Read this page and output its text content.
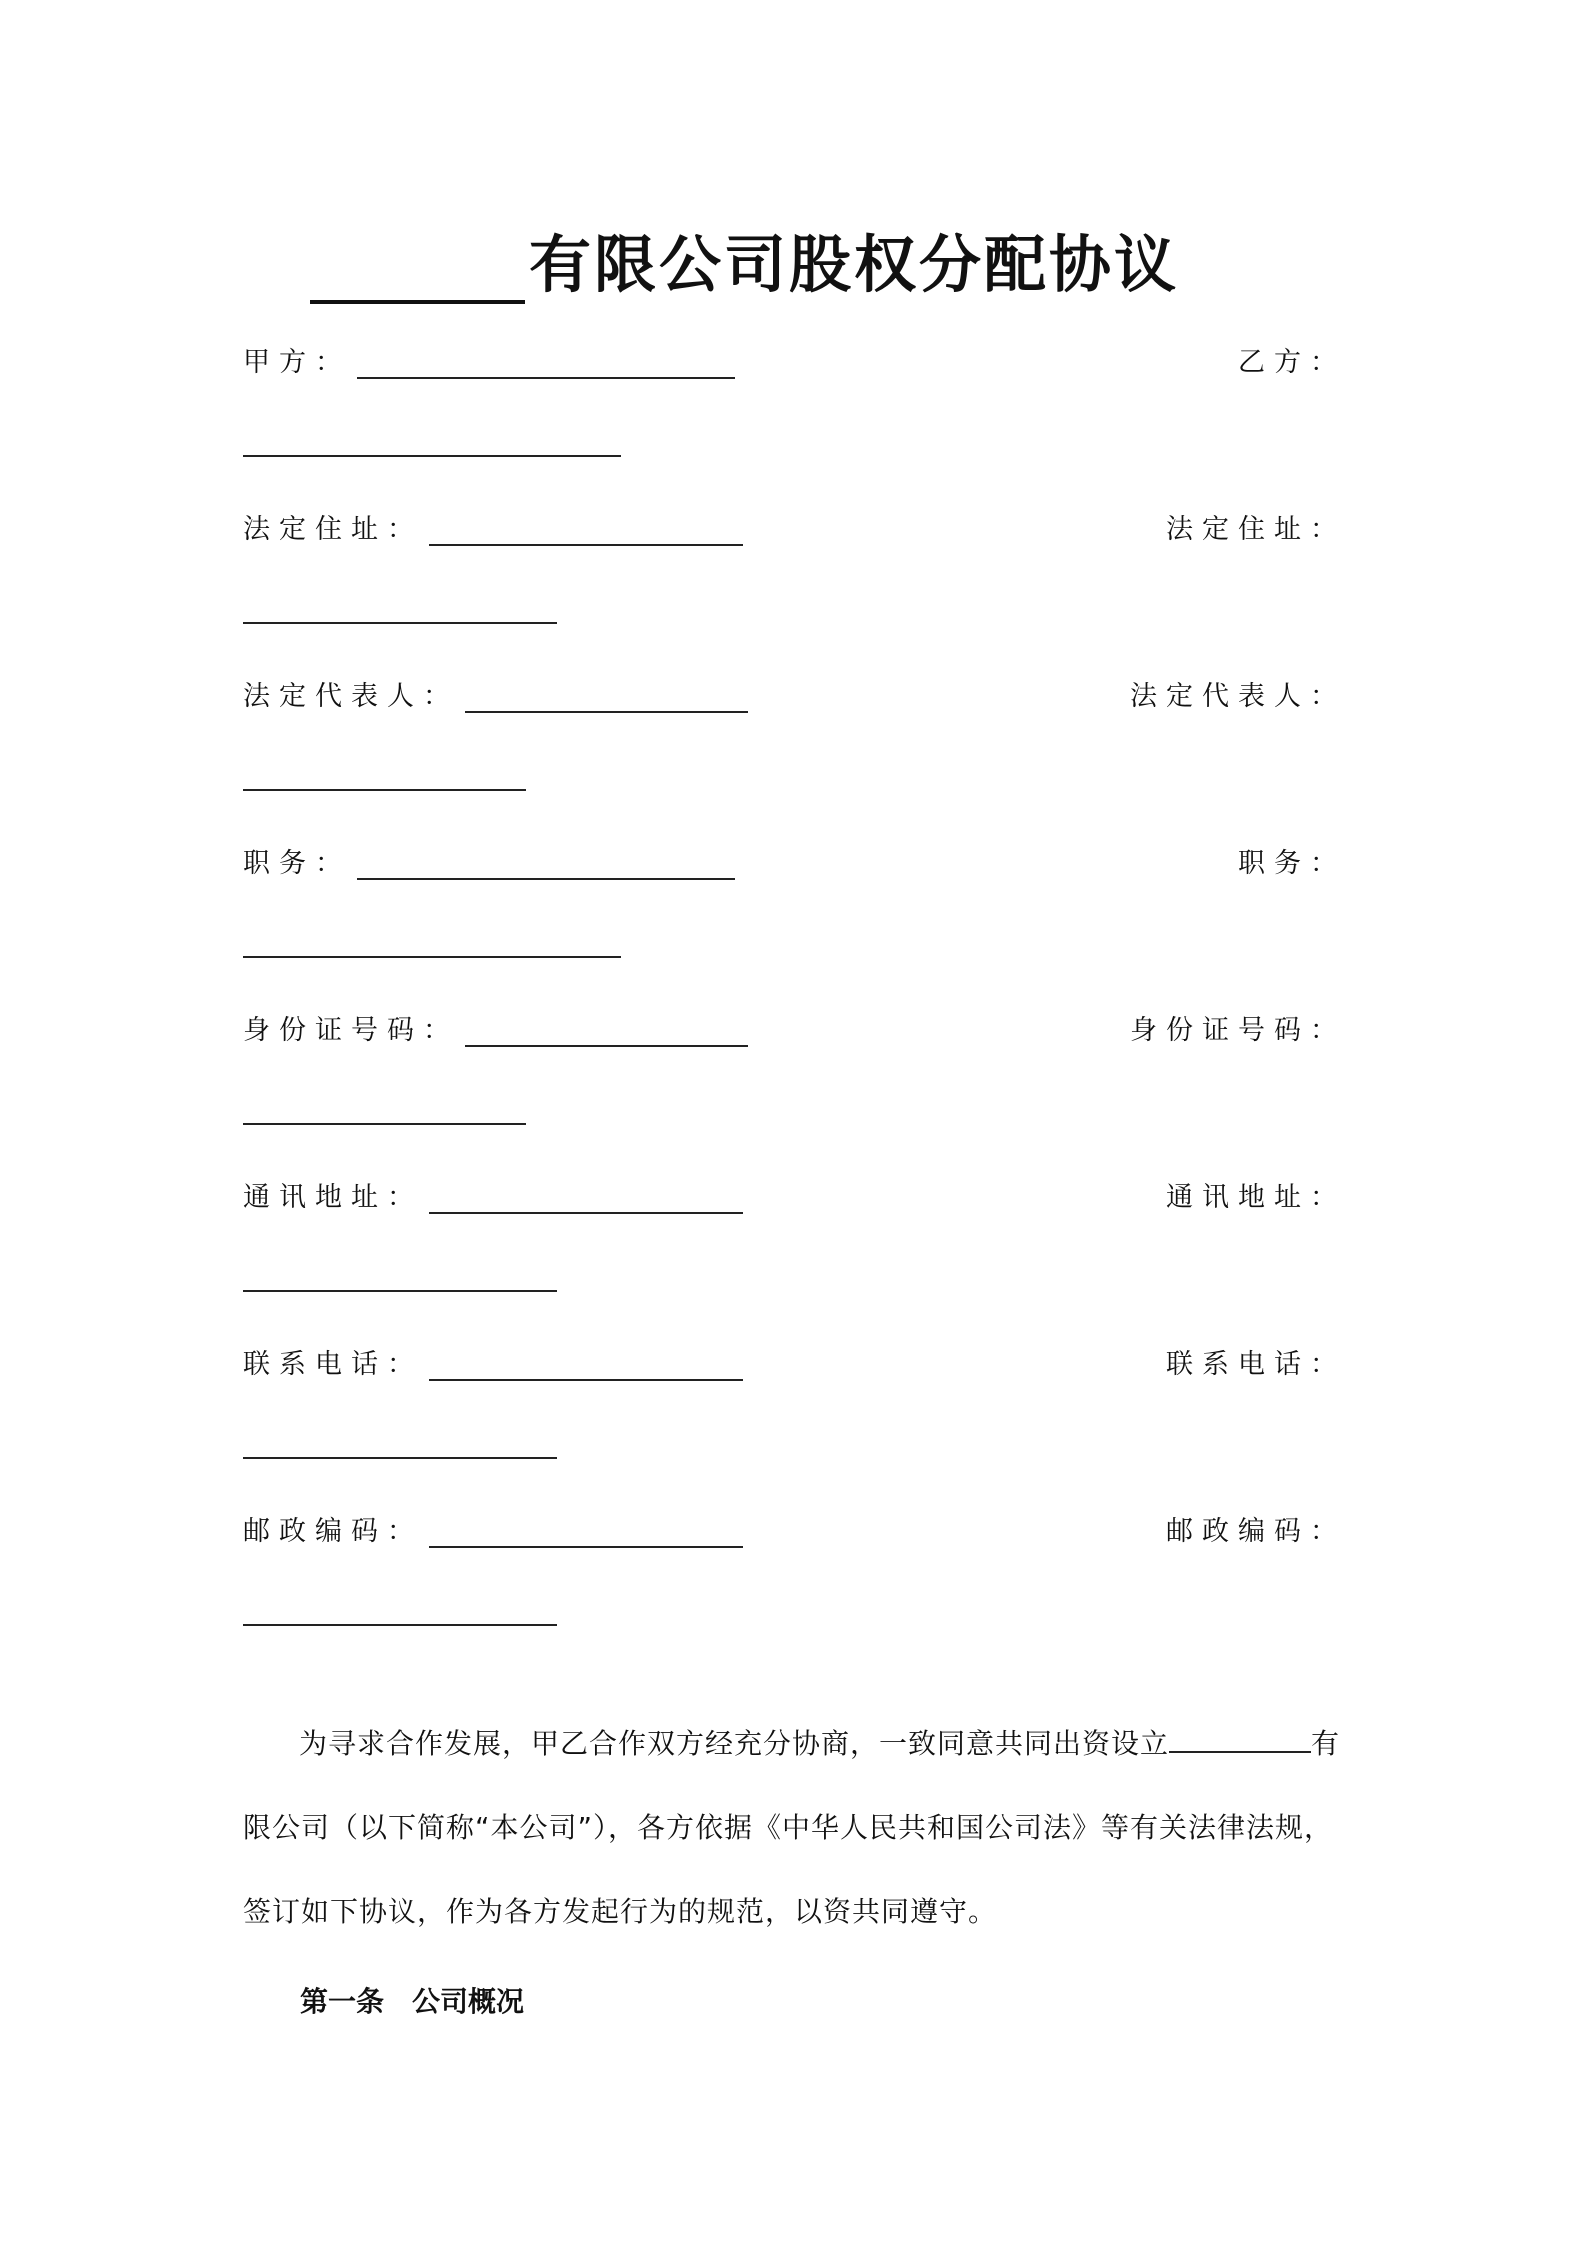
有限公司股权分配协议
甲方：	乙方：
法定住址：	法定住址：
法定代表人：	法定代表人：
职务：	职务：
身份证号码：	身份证号码：
通讯地址：	通讯地址：
联系电话：	联系电话：
邮政编码：	邮政编码：
为寻求合作发展，甲乙合作双方经充分协商，一致同意共同出资设立	有限公司（以下简称“本公司”），各方依据《中华人民共和国公司法》等有关法律法规，签订如下协议，作为各方发起行为的规范，以资共同遵守。
第一条 公司概况
